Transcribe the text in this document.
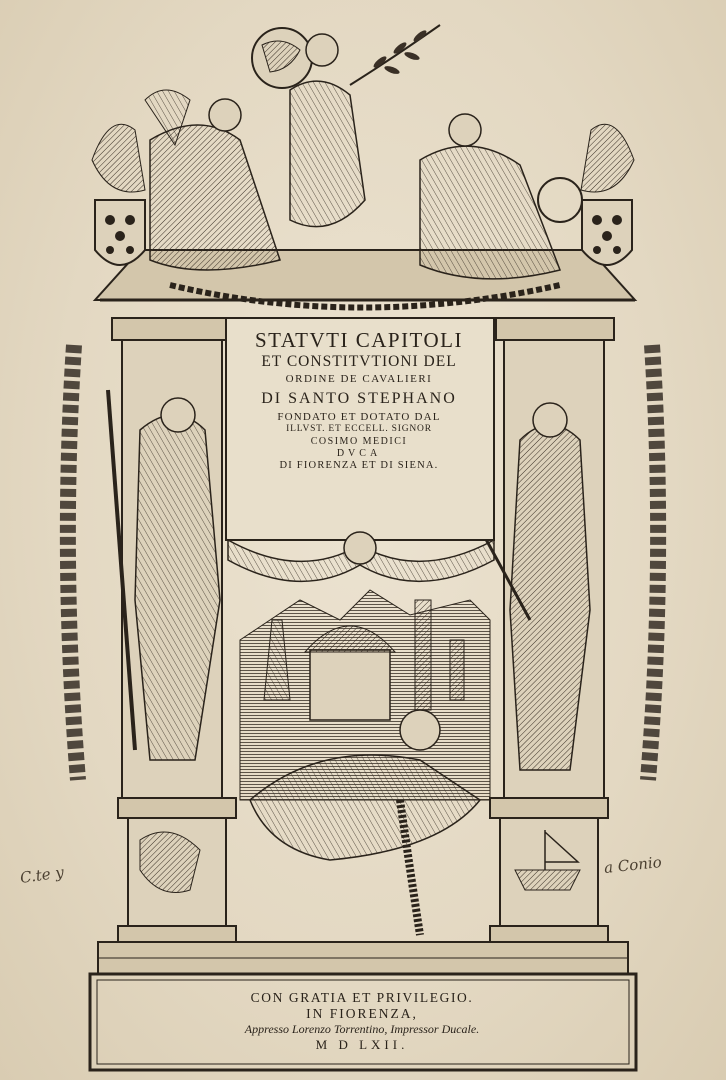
STATVTI CAPITOLI
ET CONSTITVTIONI DEL
ORDINE DE CAVALIERI
DI SANTO STEPHANO
FONDATO ET DOTATO DAL
ILLVST. ET ECCELL. SIGNOR
COSIMO MEDICI
DVCA
DI FIORENZA ET DI SIENA.
CON GRATIA ET PRIVILEGIO.
IN FIORENZA,
Appresso Lorenzo Torrentino, Impressor Ducale.
M D LXII.
C.te y	a Conio
